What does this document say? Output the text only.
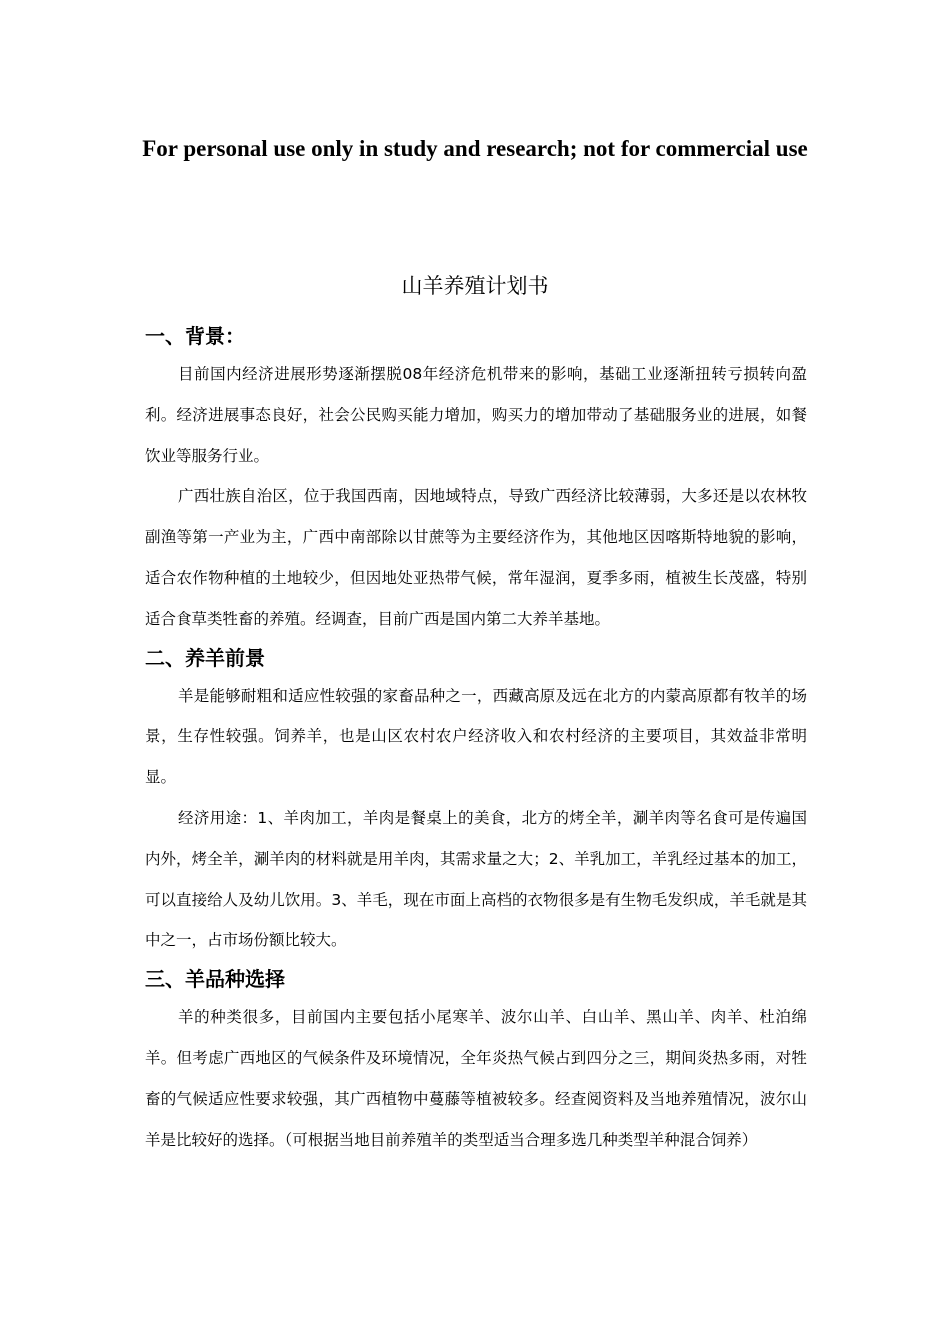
For personal use only in study and research; not for commercial use
山羊养殖计划书
一、背景：

目前国内经济进展形势逐渐摆脱08年经济危机带来的影响，基础工业逐渐扭转亏损转向盈利。经济进展事态良好，社会公民购买能力增加，购买力的增加带动了基础服务业的进展，如餐饮业等服务行业。

广西壮族自治区，位于我国西南，因地域特点，导致广西经济比较薄弱，大多还是以农林牧副渔等第一产业为主，广西中南部除以甘蔗等为主要经济作为，其他地区因喀斯特地貌的影响，适合农作物种植的土地较少，但因地处亚热带气候，常年湿润，夏季多雨，植被生长茂盛，特别适合食草类牲畜的养殖。经调查，目前广西是国内第二大养羊基地。

二、养羊前景

羊是能够耐粗和适应性较强的家畜品种之一，西藏高原及远在北方的内蒙高原都有牧羊的场景，生存性较强。饲养羊，也是山区农村农户经济收入和农村经济的主要项目，其效益非常明显。

经济用途：1、羊肉加工，羊肉是餐桌上的美食，北方的烤全羊，涮羊肉等名食可是传遍国内外，烤全羊，涮羊肉的材料就是用羊肉，其需求量之大；2、羊乳加工，羊乳经过基本的加工，可以直接给人及幼儿饮用。3、羊毛，现在市面上高档的衣物很多是有生物毛发织成，羊毛就是其中之一，占市场份额比较大。

三、羊品种选择

羊的种类很多，目前国内主要包括小尾寒羊、波尔山羊、白山羊、黑山羊、肉羊、杜泊绵羊。但考虑广西地区的气候条件及环境情况，全年炎热气候占到四分之三，期间炎热多雨，对牲畜的气候适应性要求较强，其广西植物中蔓藤等植被较多。经查阅资料及当地养殖情况，波尔山羊是比较好的选择。（可根据当地目前养殖羊的类型适当合理多选几种类型羊种混合饲养）
